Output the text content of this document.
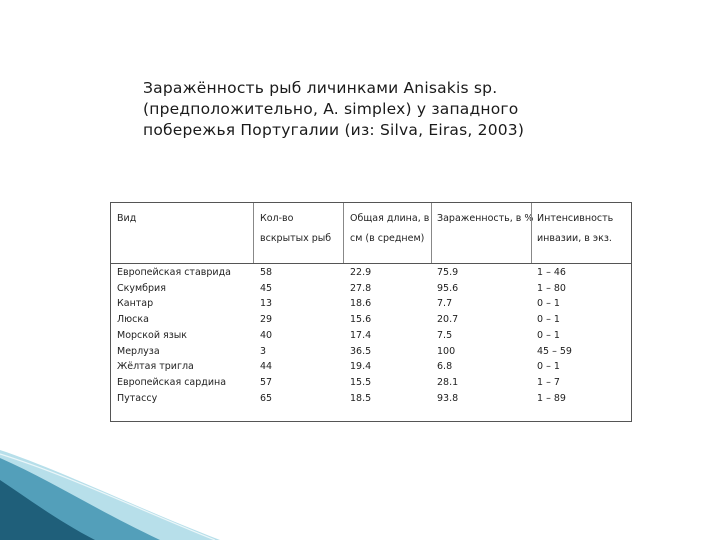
Заражённость рыб личинками Anisakis sp.
(предположительно, A. simplex) у западного
побережья Португалии (из: Silva, Eiras, 2003)
Вид	Кол-во
вскрытых рыб
Общая длина, в
см (в среднем)
Зараженность, в % Интенсивность
инвазии, в экз.
Европейская ставрида
Скумбрия
Кантар
Люска
Морской язык
Мерлуза
Жёлтая тригла
Европейская сардина
Путассу
58
45
13
29
40
3
44
57
65
22.9
27.8
18.6
15.6
17.4
36.5
19.4
15.5
18.5
75.9
95.6
7.7
20.7
7.5
100
6.8
28.1
93.8
1 – 46
1 – 80
0 – 1
0 – 1
0 – 1
45 – 59
0 – 1
1 – 7
1 – 89
